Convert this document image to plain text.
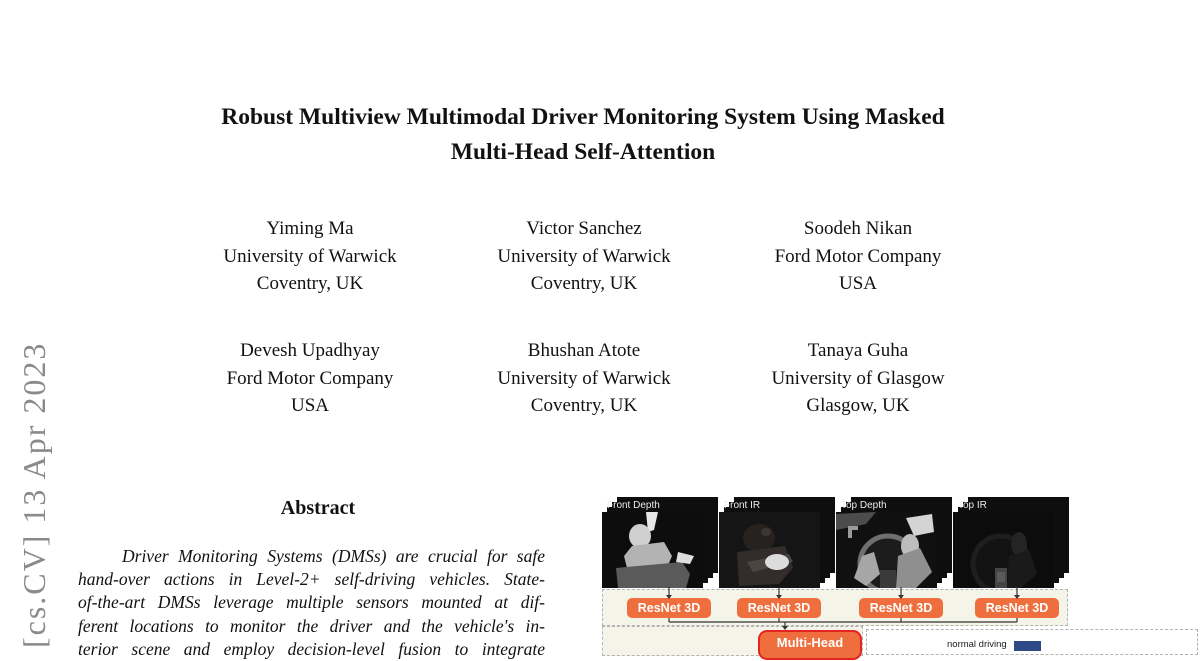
[cs.CV] 13 Apr 2023
Robust Multiview Multimodal Driver Monitoring System Using Masked
Multi-Head Self-Attention
Yiming Ma
University of Warwick
Coventry, UK
Victor Sanchez
University of Warwick
Coventry, UK
Soodeh Nikan
Ford Motor Company
USA
Devesh Upadhyay
Ford Motor Company
USA
Bhushan Atote
University of Warwick
Coventry, UK
Tanaya Guha
University of Glasgow
Glasgow, UK
Abstract
Driver Monitoring Systems (DMSs) are crucial for safe
hand-over actions in Level-2+ self-driving vehicles. State-
of-the-art DMSs leverage multiple sensors mounted at dif-
ferent locations to monitor the driver and the vehicle's in-
terior scene and employ decision-level fusion to integrate	normal driving
Front Depth	Front IR	Top Depth	Top IR
ResNet 3D	ResNet 3D	ResNet 3D	ResNet 3D
Multi-Head
